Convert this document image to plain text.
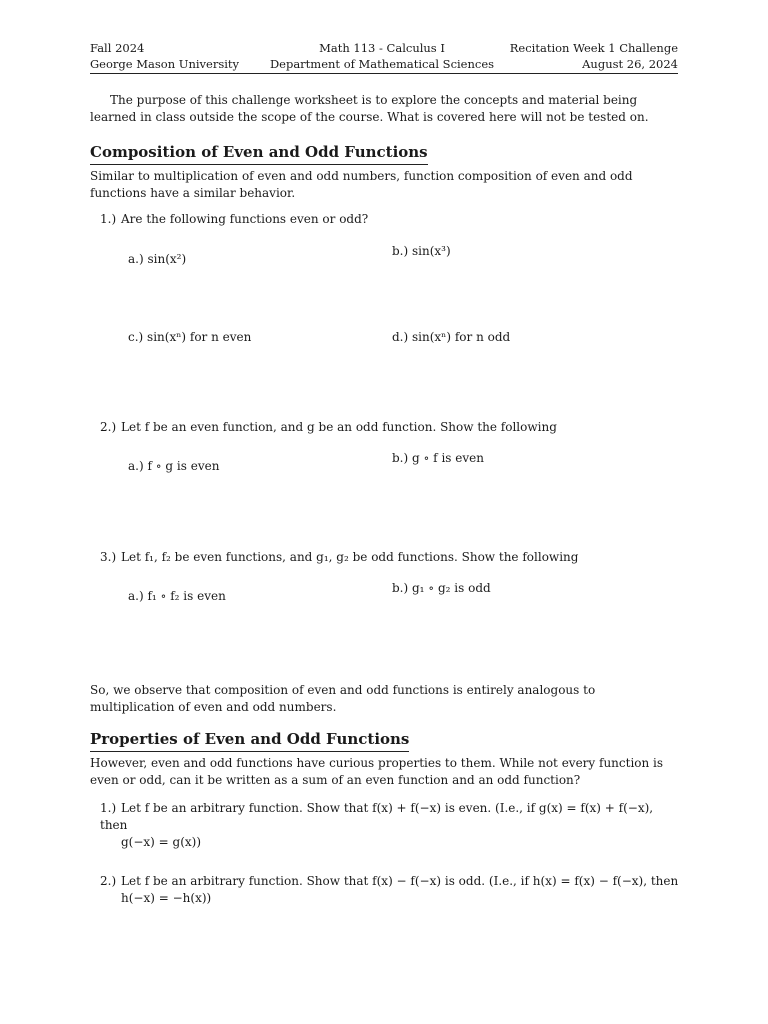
Fall 2024
George Mason University
Math 113 - Calculus I
Department of Mathematical Sciences
Recitation Week 1 Challenge
August 26, 2024
The purpose of this challenge worksheet is to explore the concepts and material being learned in class outside the scope of the course. What is covered here will not be tested on.
Composition of Even and Odd Functions
Similar to multiplication of even and odd numbers, function composition of even and odd functions have a similar behavior.
1.) Are the following functions even or odd?
a.) sin(x²)
b.) sin(x³)
c.) sin(xⁿ) for n even	d.) sin(xⁿ) for n odd
2.) Let f be an even function, and g be an odd function. Show the following
a.) f ∘ g is even
b.) g ∘ f is even
3.) Let f₁, f₂ be even functions, and g₁, g₂ be odd functions. Show the following
a.) f₁ ∘ f₂ is even
b.) g₁ ∘ g₂ is odd
So, we observe that composition of even and odd functions is entirely analogous to multiplication of even and odd numbers.
Properties of Even and Odd Functions
However, even and odd functions have curious properties to them. While not every function is even or odd, can it be written as a sum of an even function and an odd function?
1.) Let f be an arbitrary function. Show that f(x) + f(−x) is even. (I.e., if g(x) = f(x) + f(−x), then
g(−x) = g(x))
2.) Let f be an arbitrary function. Show that f(x) − f(−x) is odd. (I.e., if h(x) = f(x) − f(−x), then
h(−x) = −h(x))
